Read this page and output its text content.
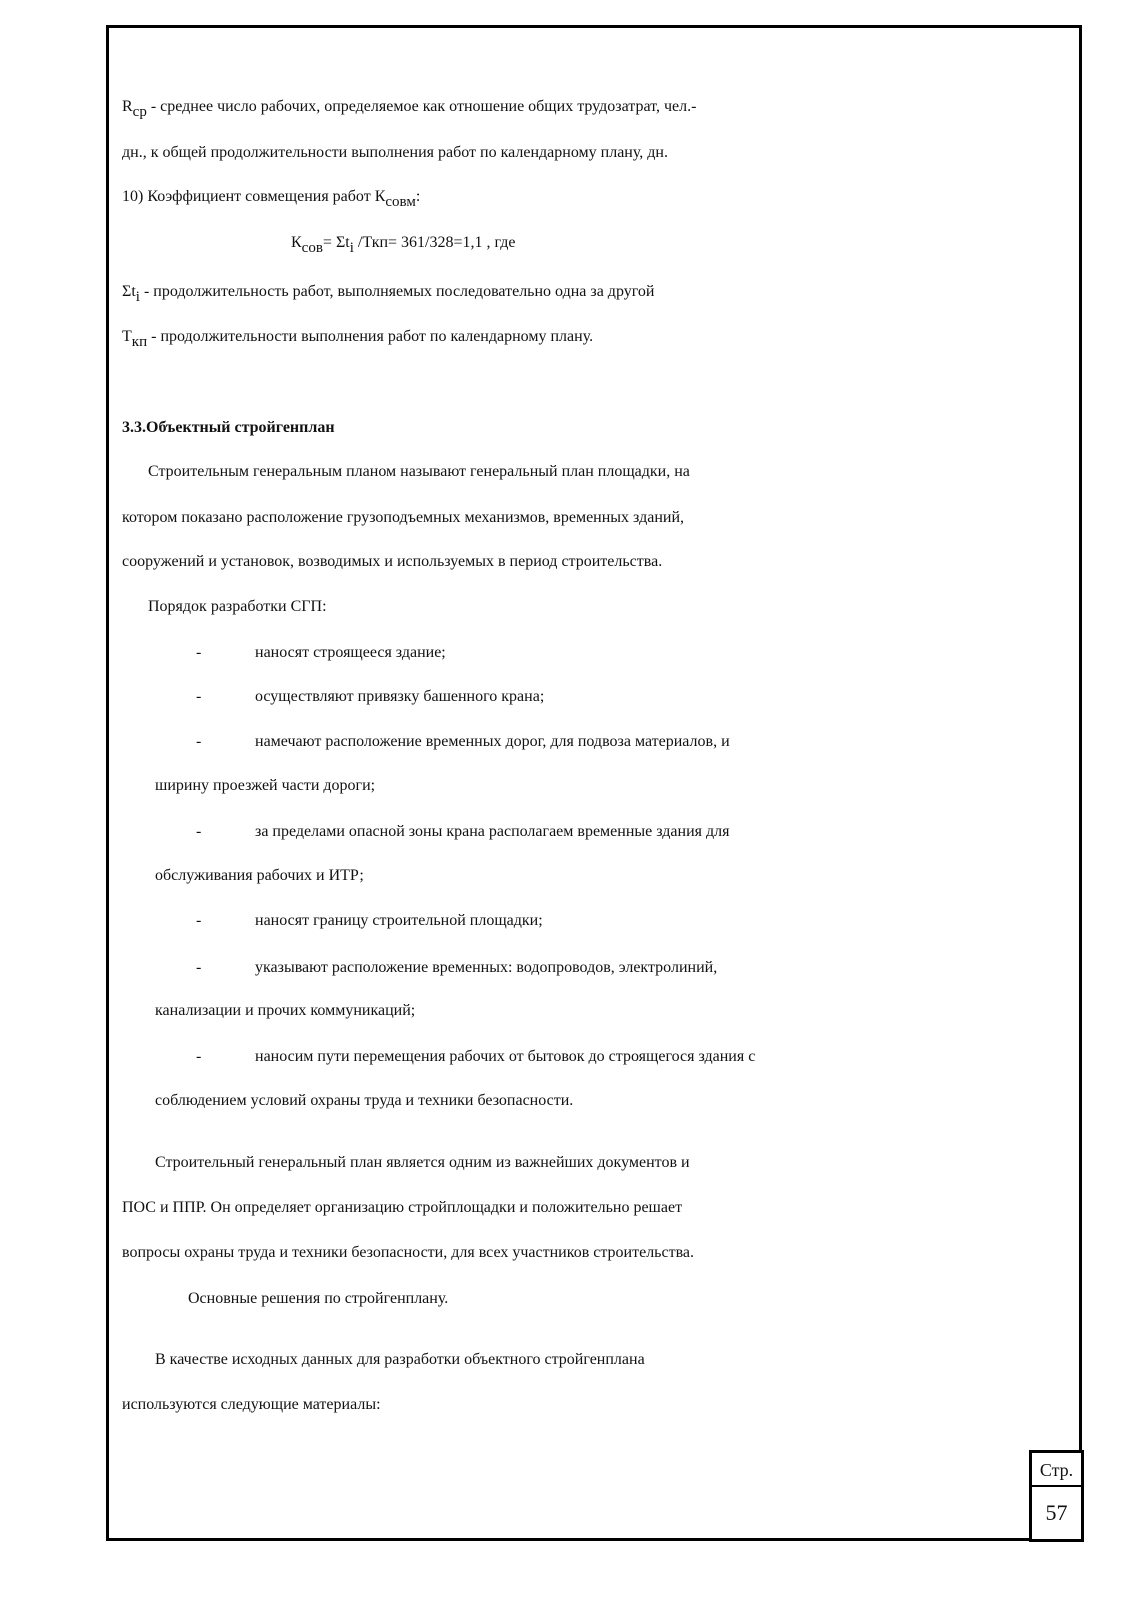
$R_{ср}$ - среднее число рабочих, определяемое как отношение общих трудозатрат, чел.-
дн., к общей продолжительности выполнения работ по календарному плану, дн.
10) Коэффициент совмещения работ $К_{совм}$:
$К_{сов}= \Sigma t_i$ /Ткп= 361/328=1,1 , где
$\Sigma t_i$ - продолжительность работ, выполняемых последовательно одна за другой
$Т_{кп}$ - продолжительности выполнения работ по календарному плану.
3.3.Объектный стройгенплан
Строительным генеральным планом называют генеральный план площадки, на
котором показано расположение грузоподъемных механизмов, временных зданий,
сооружений и установок, возводимых и используемых в период строительства.
Порядок разработки СГП:
-	наносят строящееся здание;
-	осуществляют привязку башенного крана;
-	намечают расположение временных дорог, для подвоза материалов, и
ширину проезжей части дороги;
-	за пределами опасной зоны крана располагаем временные здания для
обслуживания рабочих и ИТР;
-	наносят границу строительной площадки;
-	указывают расположение временных: водопроводов, электролиний,
канализации и прочих коммуникаций;
-	наносим пути перемещения рабочих от бытовок до строящегося здания с
соблюдением условий охраны труда и техники безопасности.
Строительный генеральный план является одним из важнейших документов и
ПОС и ППР. Он определяет организацию стройплощадки и положительно решает
вопросы охраны труда и техники безопасности, для всех участников строительства.
Основные решения по стройгенплану.
В качестве исходных данных для разработки объектного стройгенплана
используются следующие материалы:
Стр.
57
